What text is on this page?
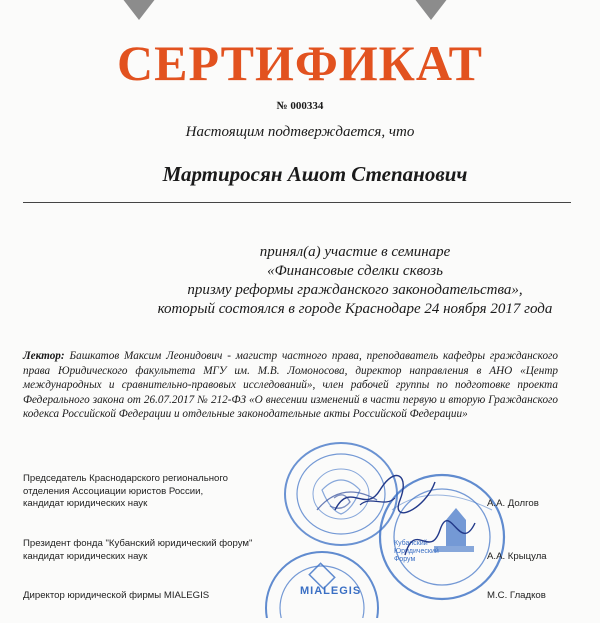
СЕРТИФИКАТ
№ 000334
Настоящим подтверждается, что
Мартиросян Ашот Степанович
принял(а) участие в семинаре
«Финансовые сделки сквозь
призму реформы гражданского законодательства»,
который состоялся в городе Краснодаре 24 ноября 2017 года
Лектор: Башкатов Максим Леонидович - магистр частного права, преподаватель кафедры гражданского права Юридического факультета МГУ им. М.В. Ломоносова, директор направления в АНО «Центр международных и сравнительно-правовых исследований», член рабочей группы по подготовке проекта Федерального закона от 26.07.2017 № 212-ФЗ «О внесении изменений в части первую и вторую Гражданского кодекса Российской Федерации и отдельные законодательные акты Российской Федерации»
Кубанский Юридический Форум
MIALEGIS
Председатель Краснодарского регионального
отделения Ассоциации юристов России,
кандидат юридических наук	А.А. Долгов
Президент фонда "Кубанский юридический форум"
кандидат юридических наук	А.А. Крыцула
Директор юридической фирмы MIALEGIS	М.С. Гладков
